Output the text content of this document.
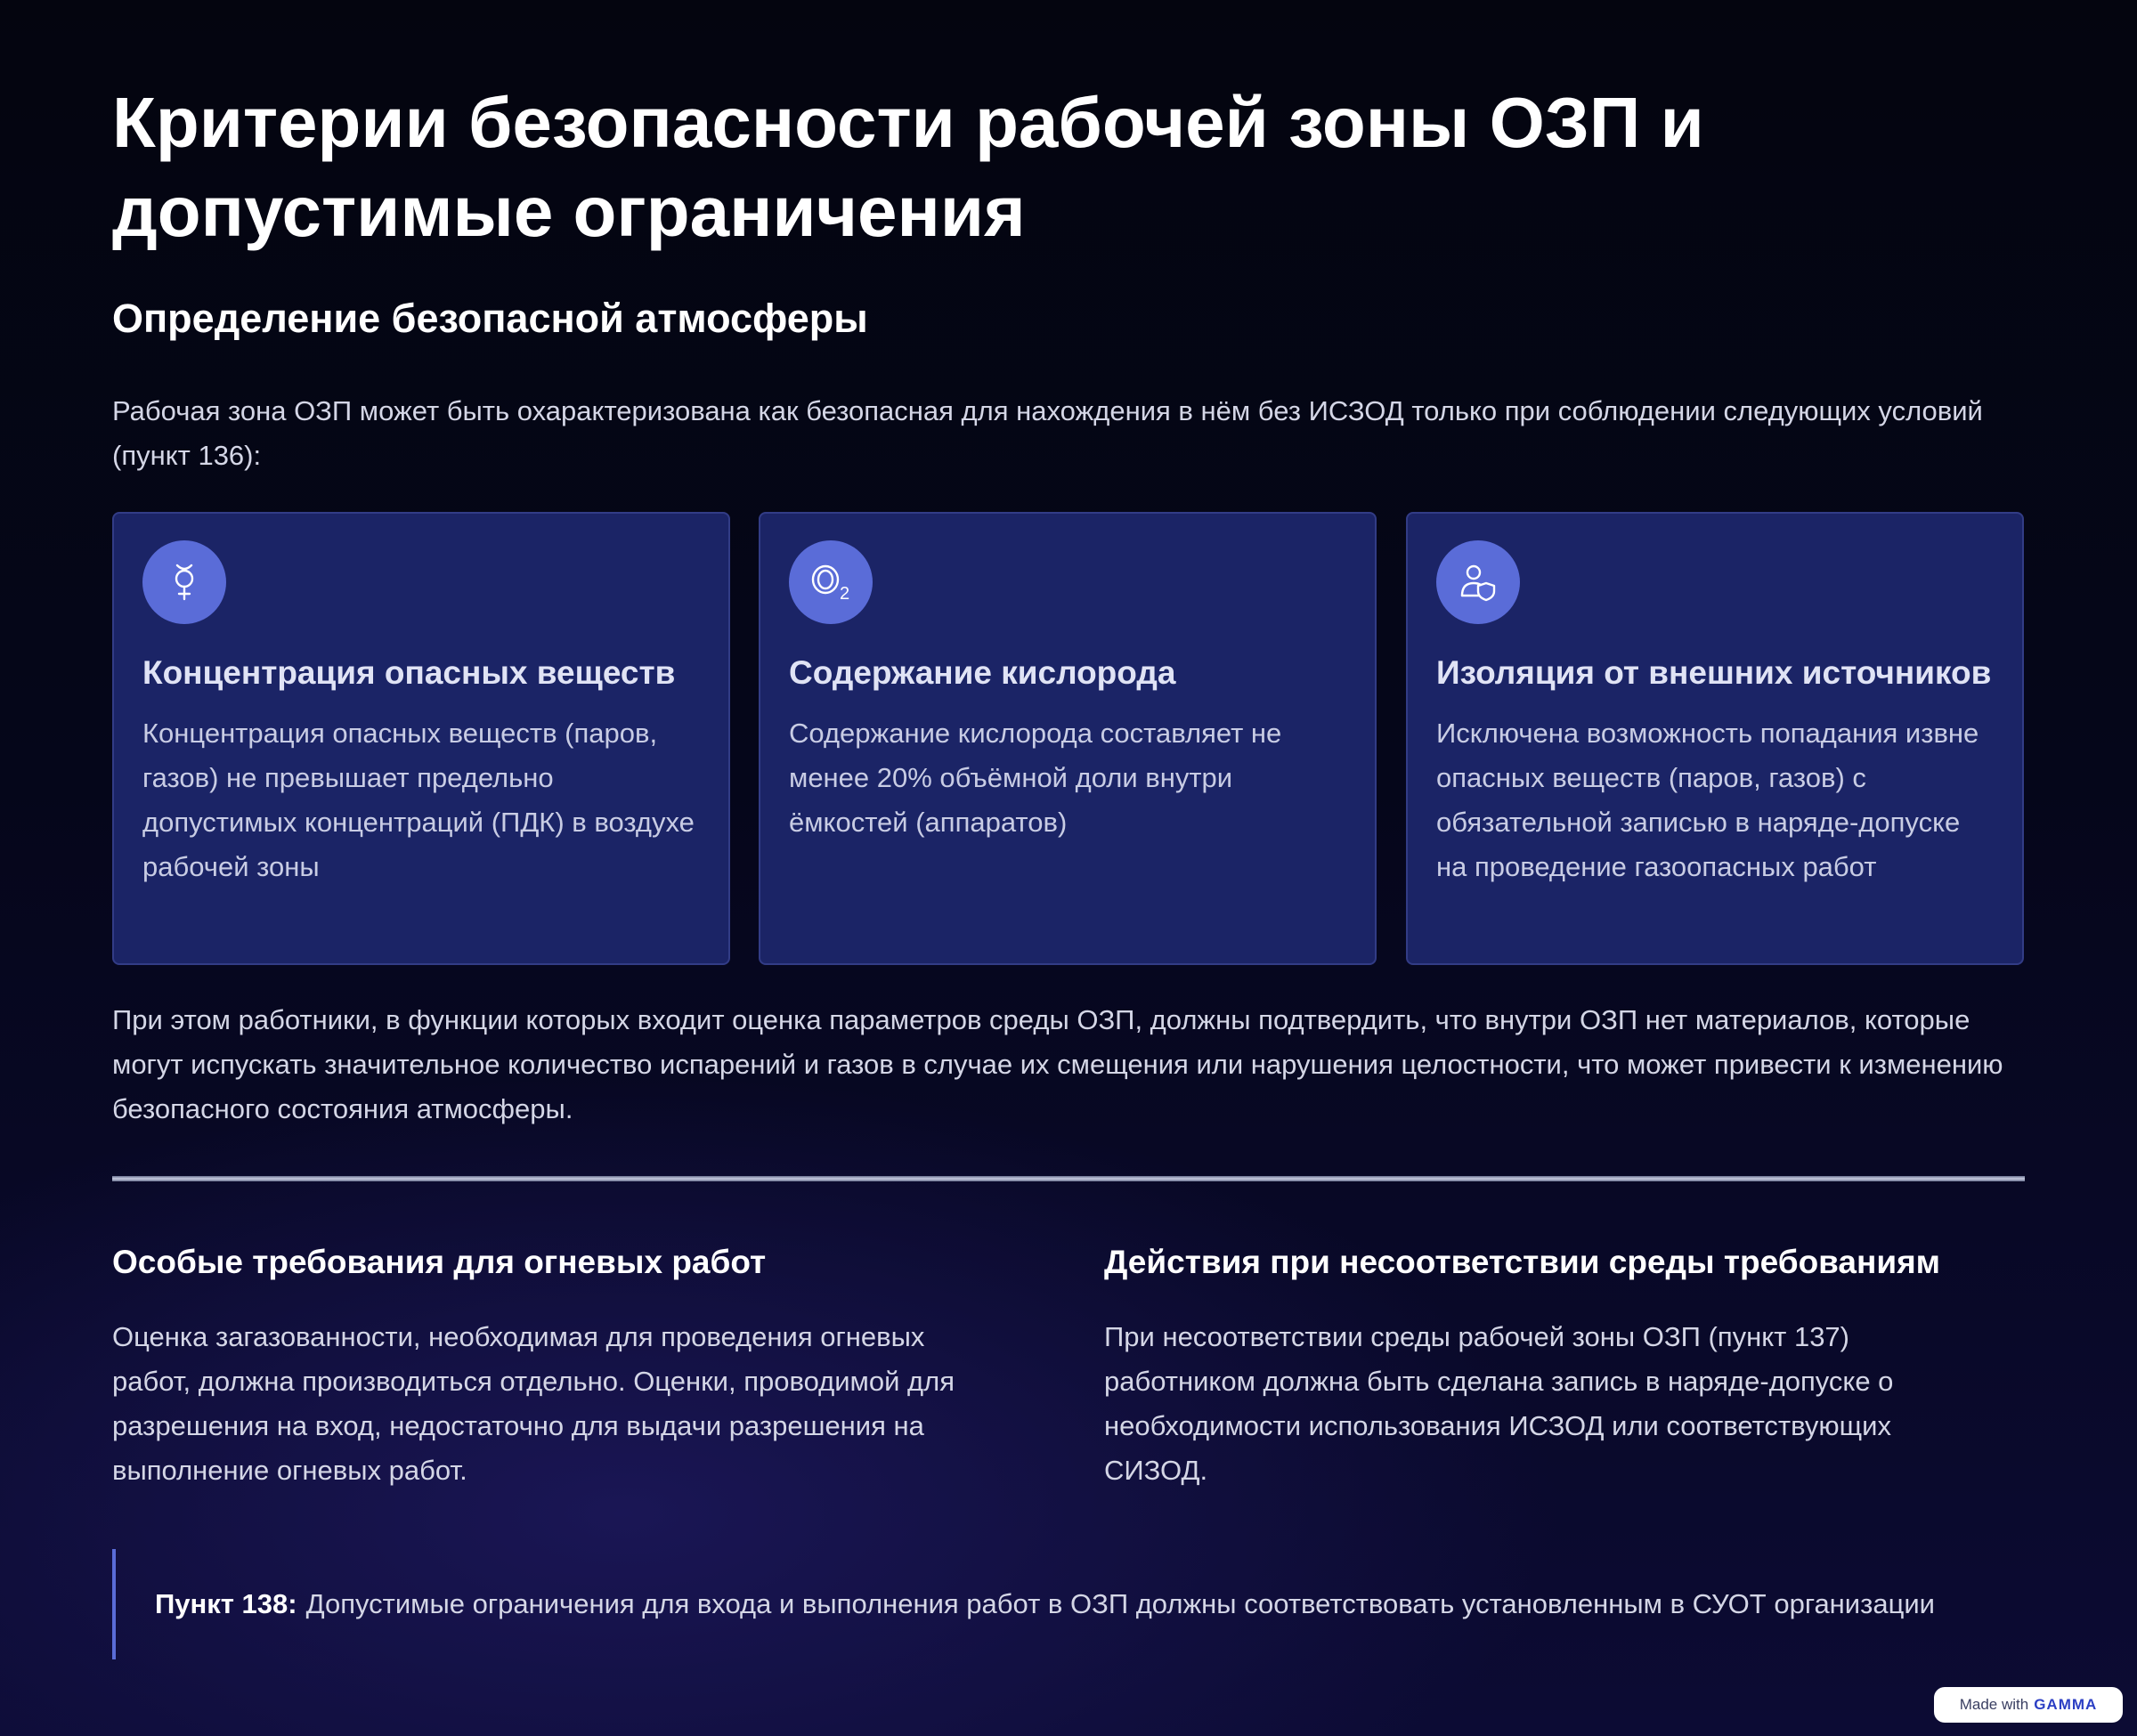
Критерии безопасности рабочей зоны ОЗП и допустимые ограничения
Определение безопасной атмосферы

Рабочая зона ОЗП может быть охарактеризована как безопасная для нахождения в нём без ИСЗОД только при соблюдении следующих условий (пункт 136):

Концентрация опасных веществ

Концентрация опасных веществ (паров, газов) не превышает предельно допустимых концентраций (ПДК) в воздухе рабочей зоны

2
Содержание кислорода

Содержание кислорода составляет не менее 20% объёмной доли внутри ёмкостей (аппаратов)

Изоляция от внешних источников

Исключена возможность попадания извне опасных веществ (паров, газов) с обязательной записью в наряде-допуске на проведение газоопасных работ

При этом работники, в функции которых входит оценка параметров среды ОЗП, должны подтвердить, что внутри ОЗП нет материалов, которые могут испускать значительное количество испарений и газов в случае их смещения или нарушения целостности, что может привести к изменению безопасного состояния атмосферы.

Особые требования для огневых работ

Оценка загазованности, необходимая для проведения огневых работ, должна производиться отдельно. Оценки, проводимой для разрешения на вход, недостаточно для выдачи разрешения на выполнение огневых работ.

Действия при несоответствии среды требованиям

При несоответствии среды рабочей зоны ОЗП (пункт 137) работником должна быть сделана запись в наряде-допуске о необходимости использования ИСЗОД или соответствующих СИЗОД.

Пункт 138: Допустимые ограничения для входа и выполнения работ в ОЗП должны соответствовать установленным в СУОТ организации
Made with GAMMA
